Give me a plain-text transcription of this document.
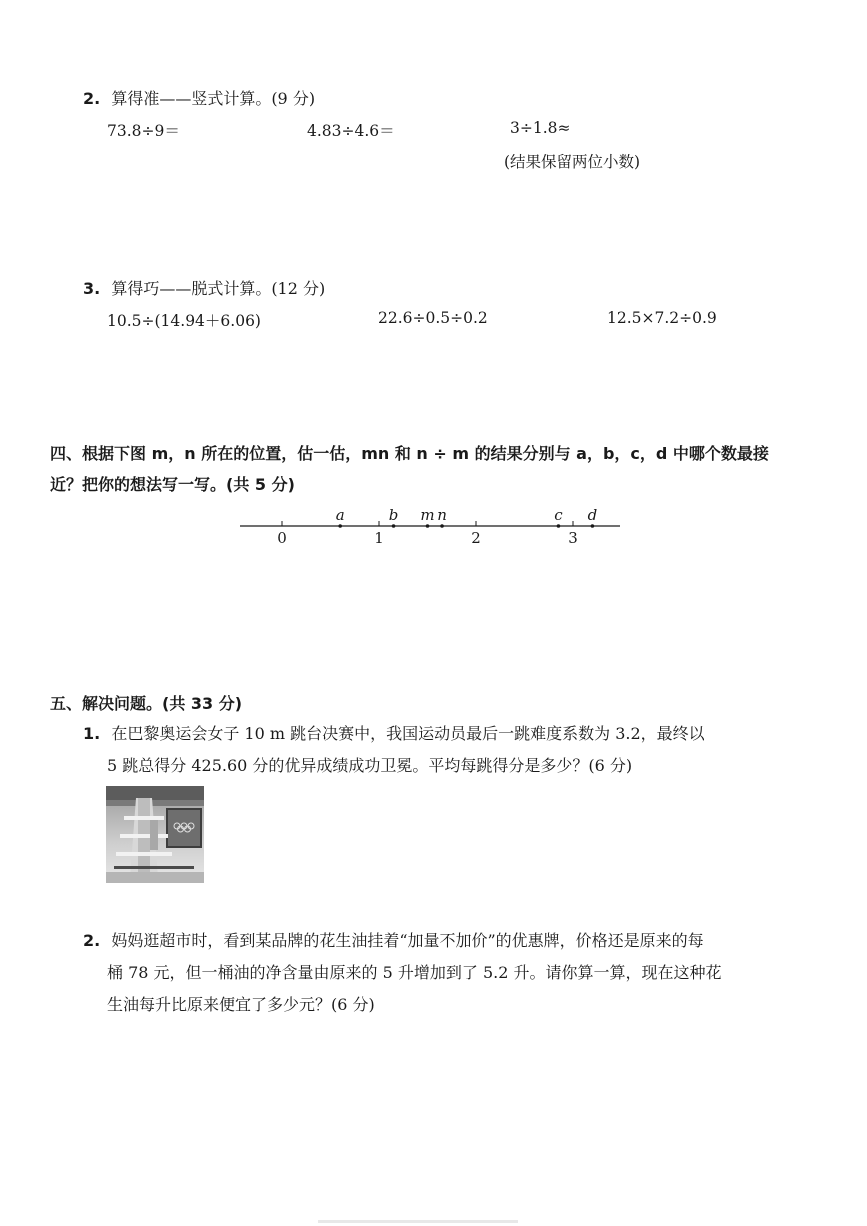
2. 算得准——竖式计算。(9 分)
73.8÷9＝	4.83÷4.6＝	3÷1.8≈
(结果保留两位小数)
3. 算得巧——脱式计算。(12 分)
10.5÷(14.94＋6.06)	22.6÷0.5÷0.2	12.5×7.2÷0.9
四、根据下图 m，n 所在的位置，估一估，mn 和 n ÷ m 的结果分别与 a，b，c，d 中哪个数最接
近？把你的想法写一写。(共 5 分)
0	1	2	3
a	b m n	c d
五、解决问题。(共 33 分)
1. 在巴黎奥运会女子 10 m 跳台决赛中，我国运动员最后一跳难度系数为 3.2，最终以
5 跳总得分 425.60 分的优异成绩成功卫冕。平均每跳得分是多少？(6 分)
2. 妈妈逛超市时，看到某品牌的花生油挂着“加量不加价”的优惠牌，价格还是原来的每
桶 78 元，但一桶油的净含量由原来的 5 升增加到了 5.2 升。请你算一算，现在这种花
生油每升比原来便宜了多少元？(6 分)
